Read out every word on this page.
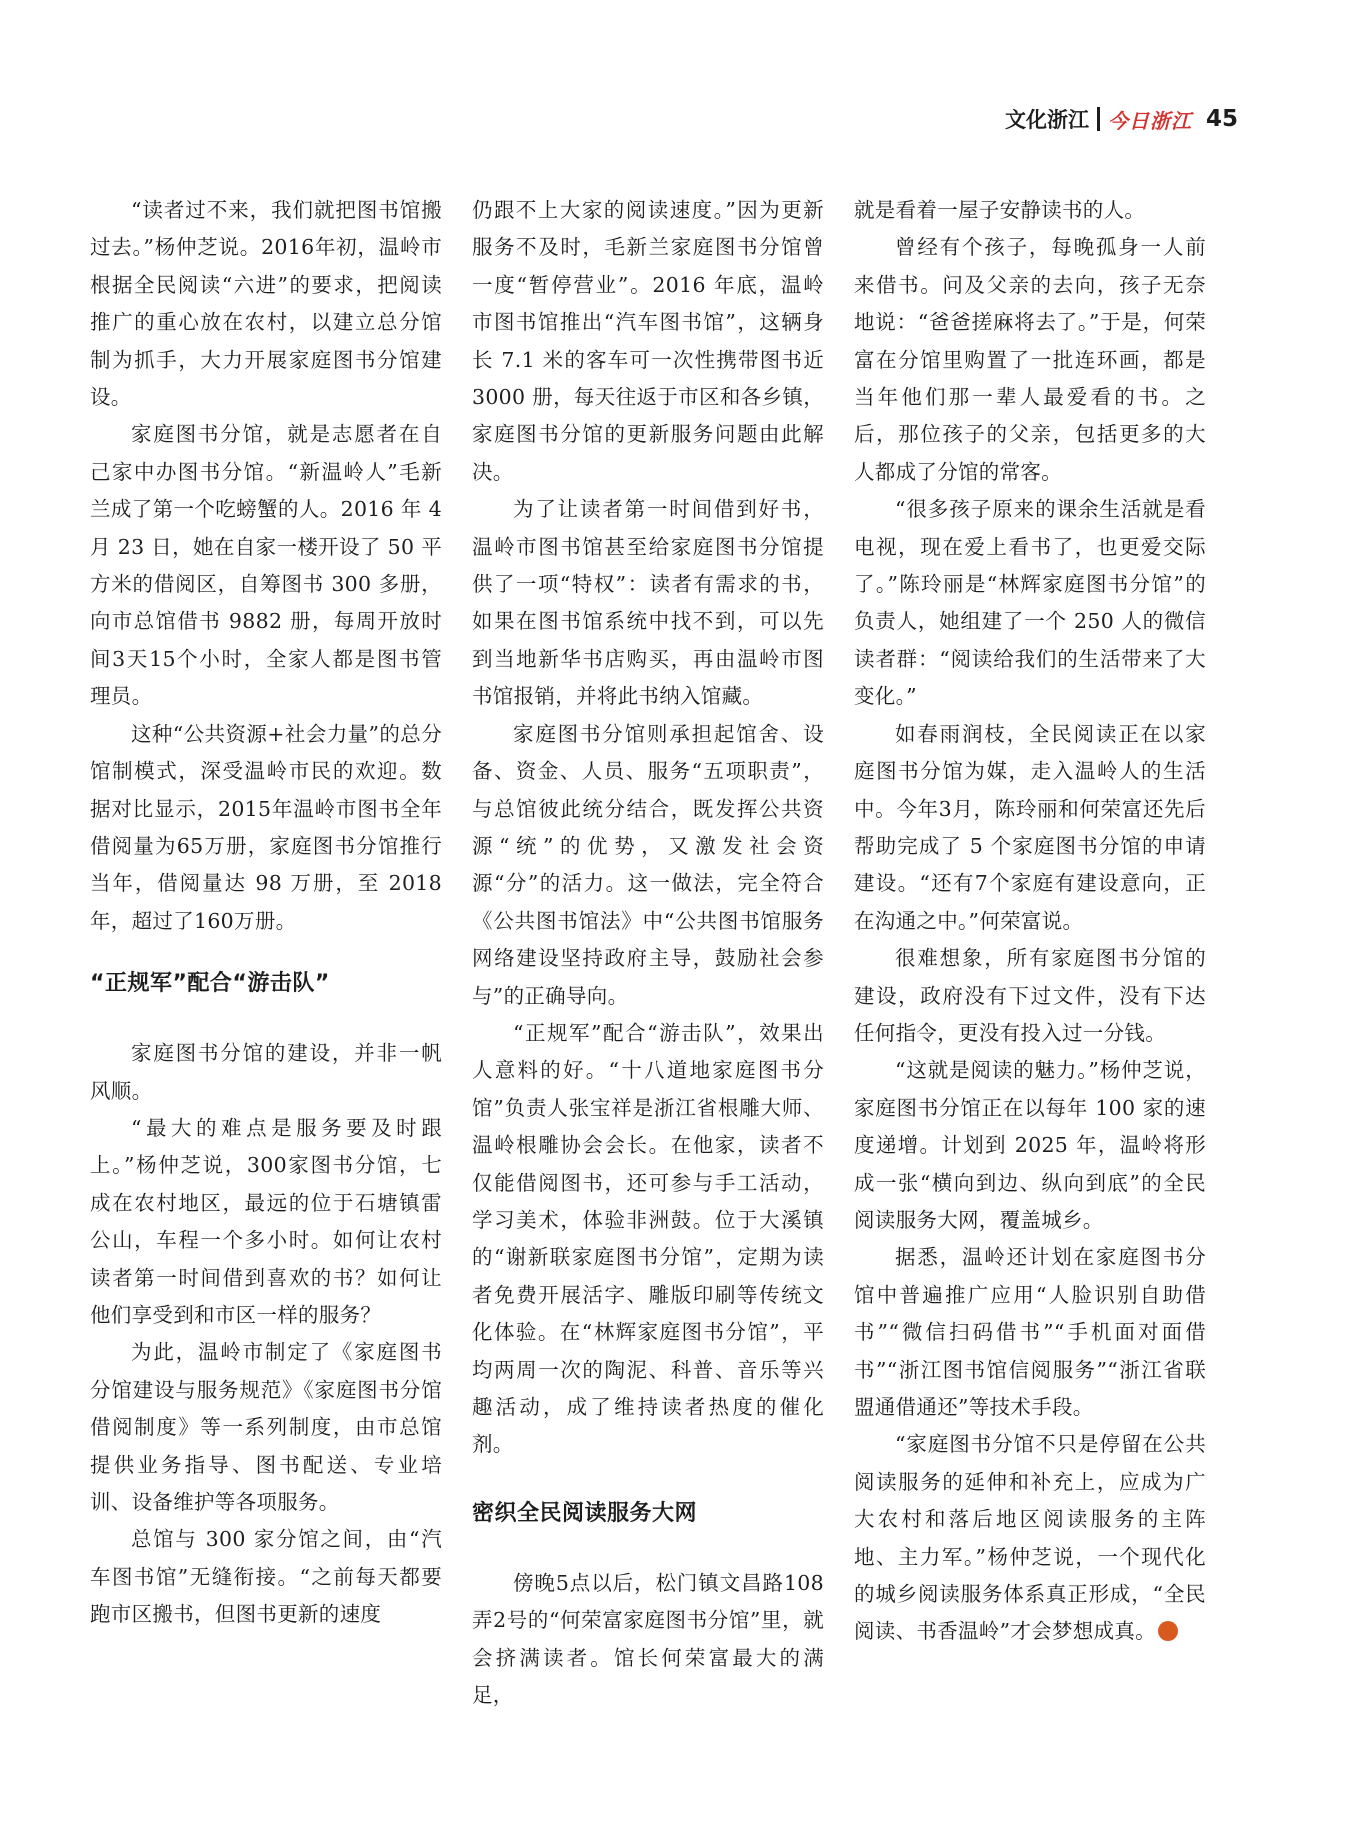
文化浙江 今日浙江 45

“读者过不来，我们就把图书馆搬过去。”杨仲芝说。2016年初，温岭市根据全民阅读“六进”的要求，把阅读推广的重心放在农村，以建立总分馆制为抓手，大力开展家庭图书分馆建设。

家庭图书分馆，就是志愿者在自己家中办图书分馆。“新温岭人”毛新兰成了第一个吃螃蟹的人。2016 年 4 月 23 日，她在自家一楼开设了 50 平方米的借阅区，自筹图书 300 多册，向市总馆借书 9882 册，每周开放时间3天15个小时，全家人都是图书管理员。

这种“公共资源+社会力量”的总分馆制模式，深受温岭市民的欢迎。数据对比显示，2015年温岭市图书全年借阅量为65万册，家庭图书分馆推行当年，借阅量达 98 万册，至 2018 年，超过了160万册。

“正规军”配合“游击队”

家庭图书分馆的建设，并非一帆风顺。

“最大的难点是服务要及时跟上。”杨仲芝说，300家图书分馆，七成在农村地区，最远的位于石塘镇雷公山，车程一个多小时。如何让农村读者第一时间借到喜欢的书？如何让他们享受到和市区一样的服务？

为此，温岭市制定了《家庭图书分馆建设与服务规范》《家庭图书分馆借阅制度》等一系列制度，由市总馆提供业务指导、图书配送、专业培训、设备维护等各项服务。

总馆与 300 家分馆之间，由“汽车图书馆”无缝衔接。“之前每天都要跑市区搬书，但图书更新的速度

仍跟不上大家的阅读速度。”因为更新服务不及时，毛新兰家庭图书分馆曾一度“暂停营业”。2016 年底，温岭市图书馆推出“汽车图书馆”，这辆身长 7.1 米的客车可一次性携带图书近3000 册，每天往返于市区和各乡镇，家庭图书分馆的更新服务问题由此解决。

为了让读者第一时间借到好书，温岭市图书馆甚至给家庭图书分馆提供了一项“特权”：读者有需求的书，如果在图书馆系统中找不到，可以先到当地新华书店购买，再由温岭市图书馆报销，并将此书纳入馆藏。

家庭图书分馆则承担起馆舍、设备、资金、人员、服务“五项职责”，与总馆彼此统分结合，既发挥公共资源“统”的优势，又激发社会资源“分”的活力。这一做法，完全符合《公共图书馆法》中“公共图书馆服务网络建设坚持政府主导，鼓励社会参与”的正确导向。

“正规军”配合“游击队”，效果出人意料的好。“十八道地家庭图书分馆”负责人张宝祥是浙江省根雕大师、温岭根雕协会会长。在他家，读者不仅能借阅图书，还可参与手工活动，学习美术，体验非洲鼓。位于大溪镇的“谢新联家庭图书分馆”，定期为读者免费开展活字、雕版印刷等传统文化体验。在“林辉家庭图书分馆”，平均两周一次的陶泥、科普、音乐等兴趣活动，成了维持读者热度的催化剂。

密织全民阅读服务大网

傍晚5点以后，松门镇文昌路108弄2号的“何荣富家庭图书分馆”里，就会挤满读者。馆长何荣富最大的满足，

就是看着一屋子安静读书的人。

曾经有个孩子，每晚孤身一人前来借书。问及父亲的去向，孩子无奈地说：“爸爸搓麻将去了。”于是，何荣富在分馆里购置了一批连环画，都是当年他们那一辈人最爱看的书。之后，那位孩子的父亲，包括更多的大人都成了分馆的常客。

“很多孩子原来的课余生活就是看电视，现在爱上看书了，也更爱交际了。”陈玲丽是“林辉家庭图书分馆”的负责人，她组建了一个 250 人的微信读者群：“阅读给我们的生活带来了大变化。”

如春雨润枝，全民阅读正在以家庭图书分馆为媒，走入温岭人的生活中。今年3月，陈玲丽和何荣富还先后帮助完成了 5 个家庭图书分馆的申请建设。“还有7个家庭有建设意向，正在沟通之中。”何荣富说。

很难想象，所有家庭图书分馆的建设，政府没有下过文件，没有下达任何指令，更没有投入过一分钱。

“这就是阅读的魅力。”杨仲芝说，家庭图书分馆正在以每年 100 家的速度递增。计划到 2025 年，温岭将形成一张“横向到边、纵向到底”的全民阅读服务大网，覆盖城乡。

据悉，温岭还计划在家庭图书分馆中普遍推广应用“人脸识别自助借书”“微信扫码借书”“手机面对面借书”“浙江图书馆信阅服务”“浙江省联盟通借通还”等技术手段。

“家庭图书分馆不只是停留在公共阅读服务的延伸和补充上，应成为广大农村和落后地区阅读服务的主阵地、主力军。”杨仲芝说，一个现代化的城乡阅读服务体系真正形成，“全民阅读、书香温岭”才会梦想成真。
